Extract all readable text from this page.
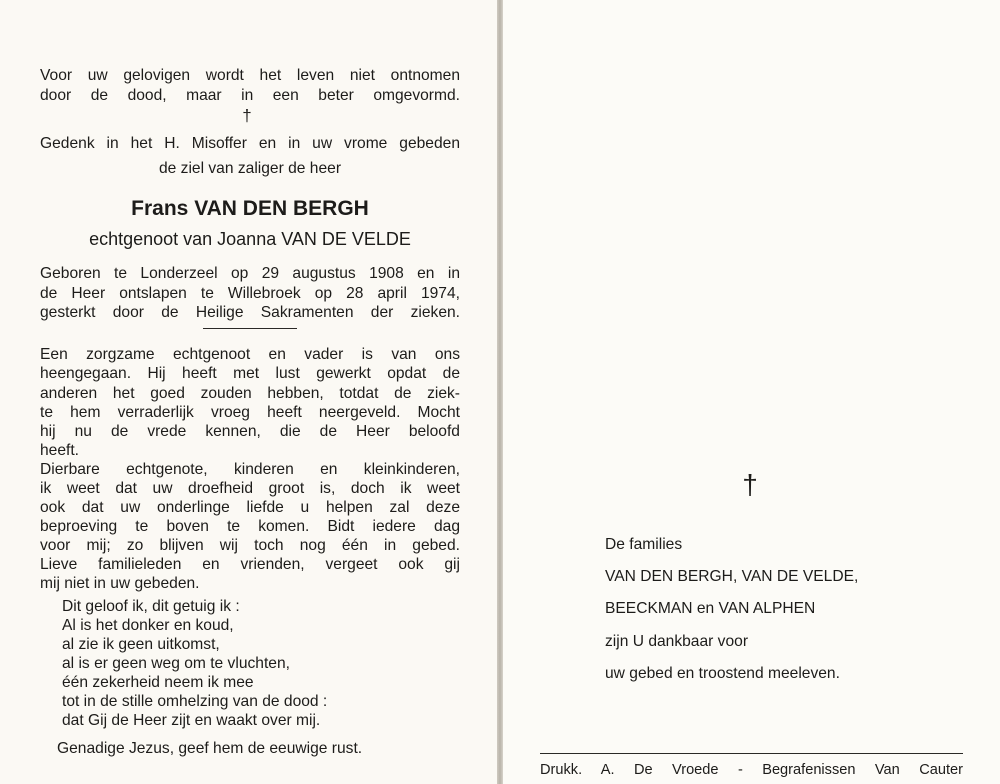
Voor uw gelovigen wordt het leven niet ontnomen
door de dood, maar in een beter omgevormd.
†
Gedenk in het H. Misoffer en in uw vrome gebeden
de ziel van zaliger de heer
Frans VAN DEN BERGH
echtgenoot van Joanna VAN DE VELDE
Geboren te Londerzeel op 29 augustus 1908 en in
de Heer ontslapen te Willebroek op 28 april 1974,
gesterkt door de Heilige Sakramenten der zieken.
Een zorgzame echtgenoot en vader is van ons
heengegaan. Hij heeft met lust gewerkt opdat de
anderen het goed zouden hebben, totdat de ziek-
te hem verraderlijk vroeg heeft neergeveld. Mocht
hij nu de vrede kennen, die de Heer beloofd
heeft.
Dierbare echtgenote, kinderen en kleinkinderen,
ik weet dat uw droefheid groot is, doch ik weet
ook dat uw onderlinge liefde u helpen zal deze
beproeving te boven te komen. Bidt iedere dag
voor mij; zo blijven wij toch nog één in gebed.
Lieve familieleden en vrienden, vergeet ook gij
mij niet in uw gebeden.
Dit geloof ik, dit getuig ik :
Al is het donker en koud,
al zie ik geen uitkomst,
al is er geen weg om te vluchten,
één zekerheid neem ik mee
tot in de stille omhelzing van de dood :
dat Gij de Heer zijt en waakt over mij.
Genadige Jezus, geef hem de eeuwige rust.
†
De families
VAN DEN BERGH, VAN DE VELDE,
BEECKMAN en VAN ALPHEN
zijn U dankbaar voor
uw gebed en troostend meeleven.
Drukk. A. De Vroede - Begrafenissen Van Cauter
